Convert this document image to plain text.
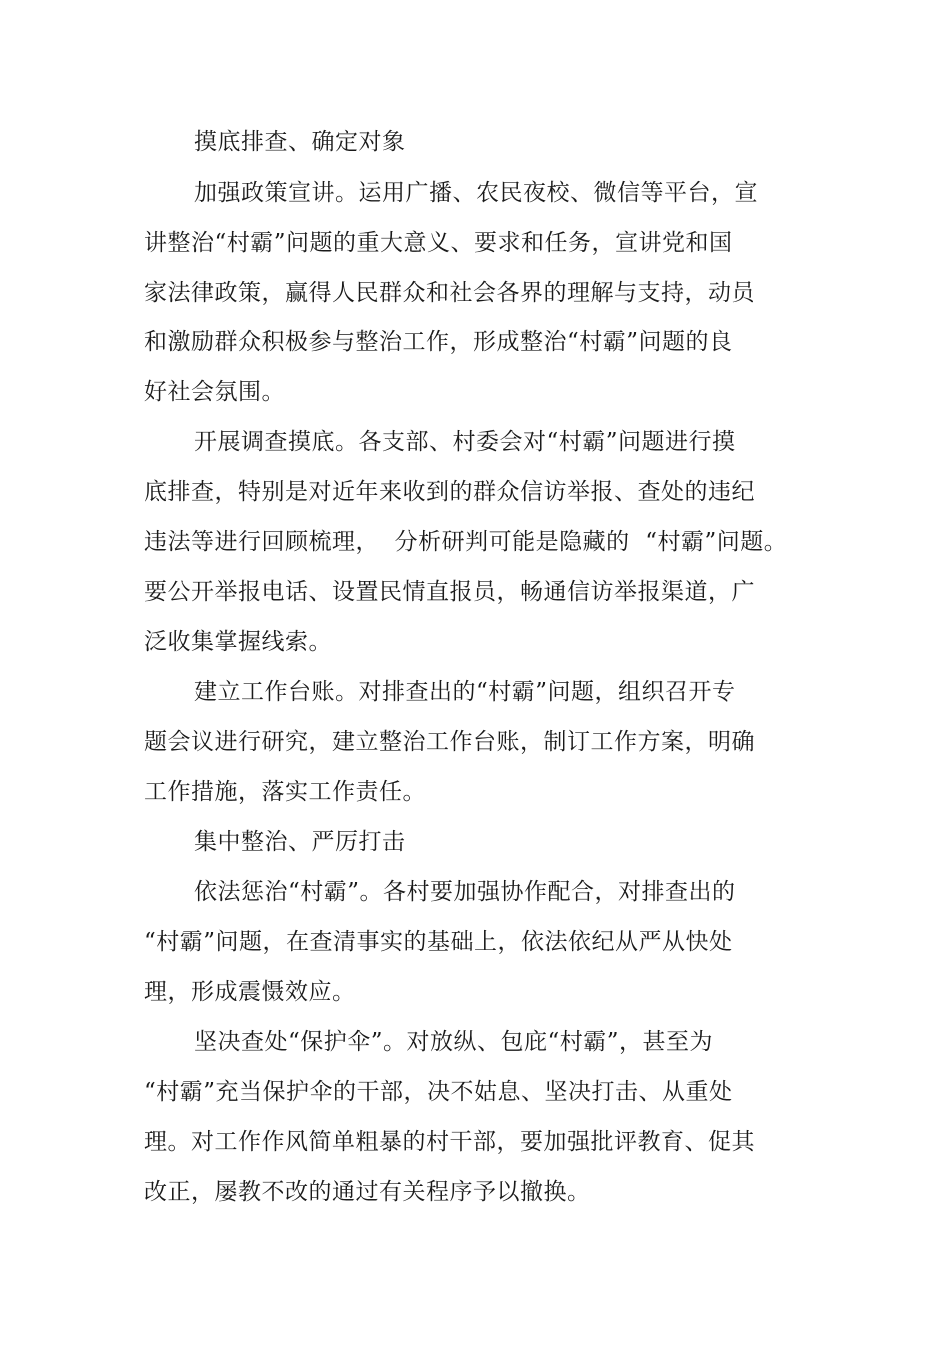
摸底排查、确定对象
加强政策宣讲。运用广播、农民夜校、微信等平台，宣
讲整治“村霸”问题的重大意义、要求和任务，宣讲党和国
家法律政策，赢得人民群众和社会各界的理解与支持，动员
和激励群众积极参与整治工作，形成整治“村霸”问题的良
好社会氛围。
开展调查摸底。各支部、村委会对“村霸”问题进行摸
底排查，特别是对近年来收到的群众信访举报、查处的违纪
违法等进行回顾梳理，  分析研判可能是隐藏的  “村霸”问题。
要公开举报电话、设置民情直报员，畅通信访举报渠道，广
泛收集掌握线索。
建立工作台账。对排查出的“村霸”问题，组织召开专
题会议进行研究，建立整治工作台账，制订工作方案，明确
工作措施，落实工作责任。
集中整治、严厉打击
依法惩治“村霸”。各村要加强协作配合，对排查出的
“村霸”问题，在查清事实的基础上，依法依纪从严从快处
理，形成震慑效应。
坚决查处“保护伞”。对放纵、包庇“村霸”，甚至为
“村霸”充当保护伞的干部，决不姑息、坚决打击、从重处
理。对工作作风简单粗暴的村干部，要加强批评教育、促其
改正，屡教不改的通过有关程序予以撤换。
